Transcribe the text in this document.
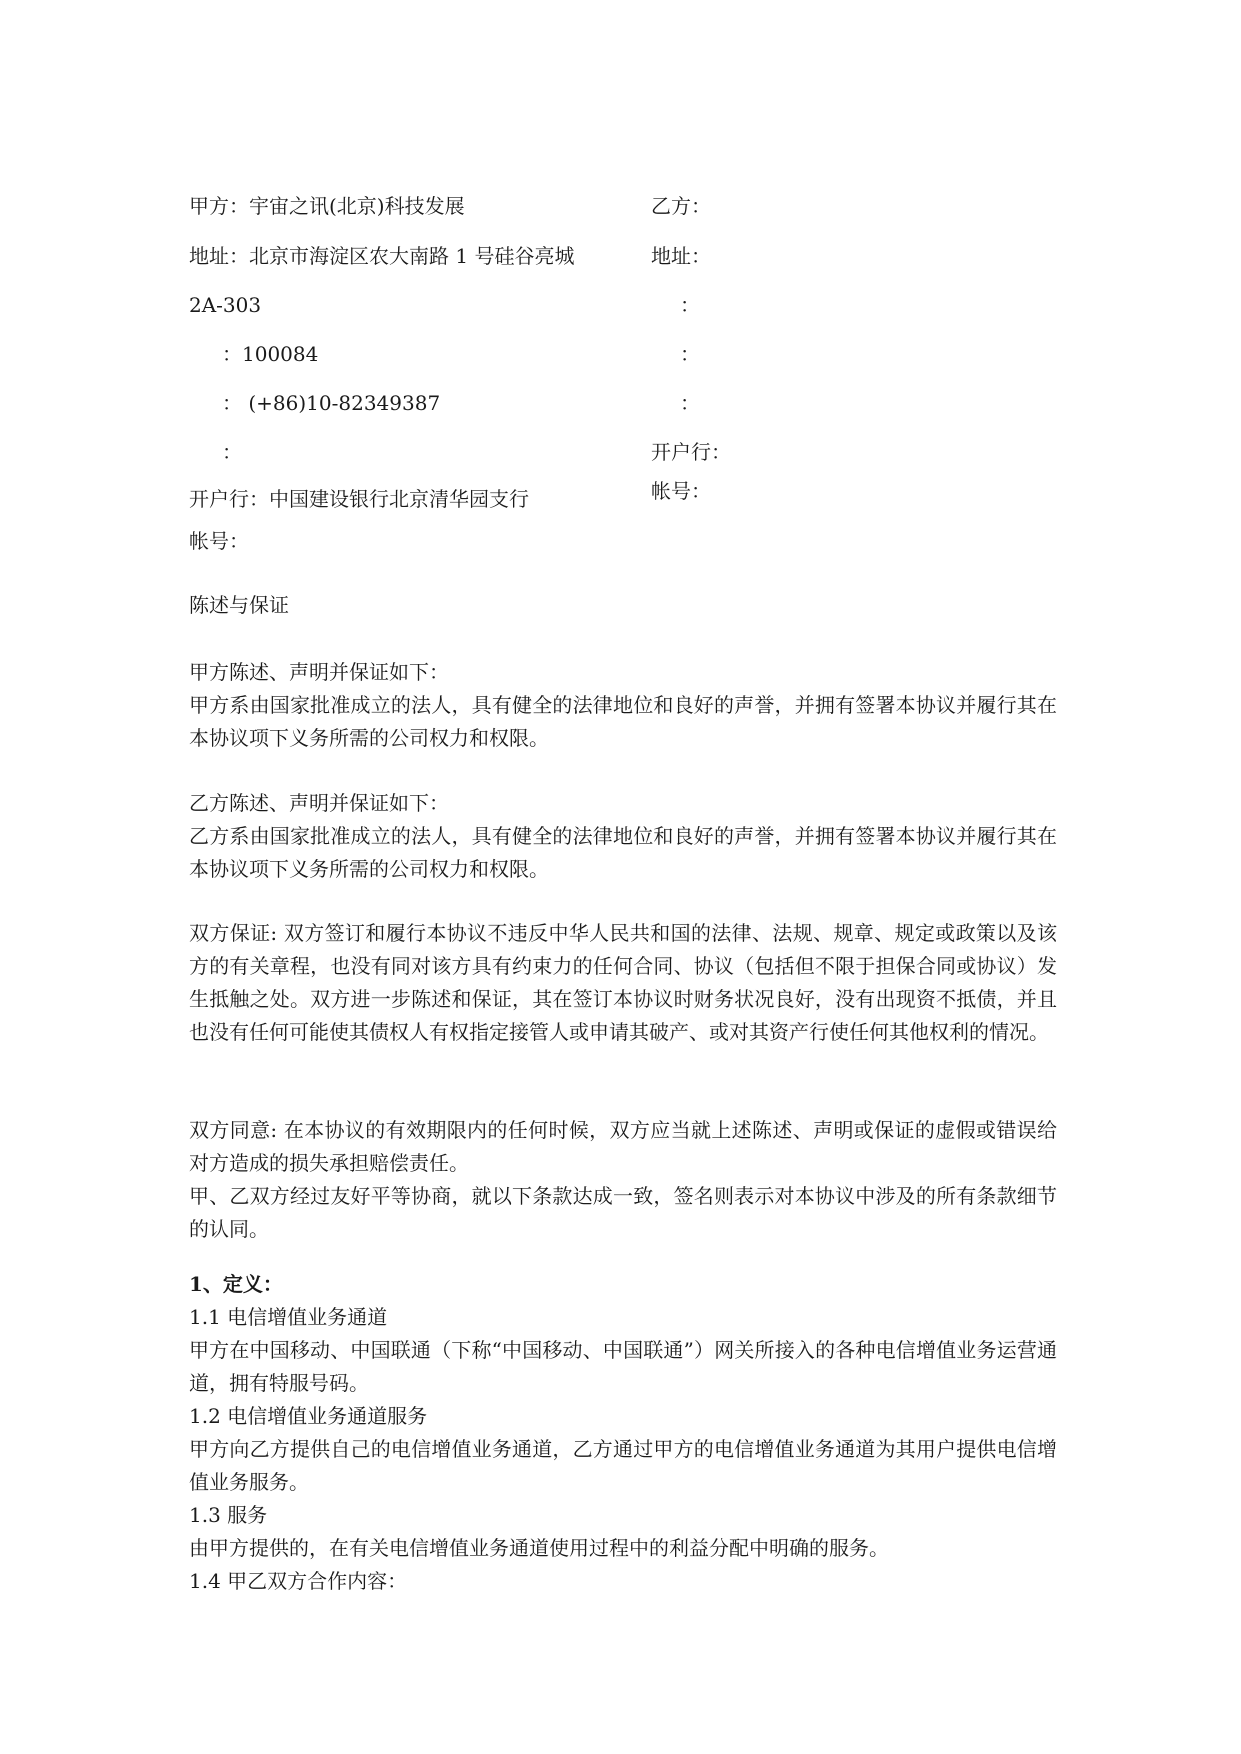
甲方：宇宙之讯(北京)科技发展
地址：北京市海淀区农大南路 1 号硅谷亮城
2A-303
：100084
： (+86)10-82349387
：
开户行：中国建设银行北京清华园支行
帐号：
乙方：
地址：
：
：
：
开户行：
帐号：
陈述与保证

甲方陈述、声明并保证如下：

甲方系由国家批准成立的法人，具有健全的法律地位和良好的声誉，并拥有签署本协议并履行其在本协议项下义务所需的公司权力和权限。

乙方陈述、声明并保证如下：

乙方系由国家批准成立的法人，具有健全的法律地位和良好的声誉，并拥有签署本协议并履行其在本协议项下义务所需的公司权力和权限。

双方保证: 双方签订和履行本协议不违反中华人民共和国的法律、法规、规章、规定或政策以及该方的有关章程，也没有同对该方具有约束力的任何合同、协议（包括但不限于担保合同或协议）发生抵触之处。双方进一步陈述和保证，其在签订本协议时财务状况良好，没有出现资不抵债，并且也没有任何可能使其债权人有权指定接管人或申请其破产、或对其资产行使任何其他权利的情况。

双方同意: 在本协议的有效期限内的任何时候，双方应当就上述陈述、声明或保证的虚假或错误给对方造成的损失承担赔偿责任。

甲、乙双方经过友好平等协商，就以下条款达成一致，签名则表示对本协议中涉及的所有条款细节的认同。

1、定义：

1.1 电信增值业务通道

甲方在中国移动、中国联通（下称“中国移动、中国联通”）网关所接入的各种电信增值业务运营通道，拥有特服号码。

1.2 电信增值业务通道服务

甲方向乙方提供自己的电信增值业务通道，乙方通过甲方的电信增值业务通道为其用户提供电信增值业务服务。

1.3 服务

由甲方提供的，在有关电信增值业务通道使用过程中的利益分配中明确的服务。

1.4 甲乙双方合作内容：
